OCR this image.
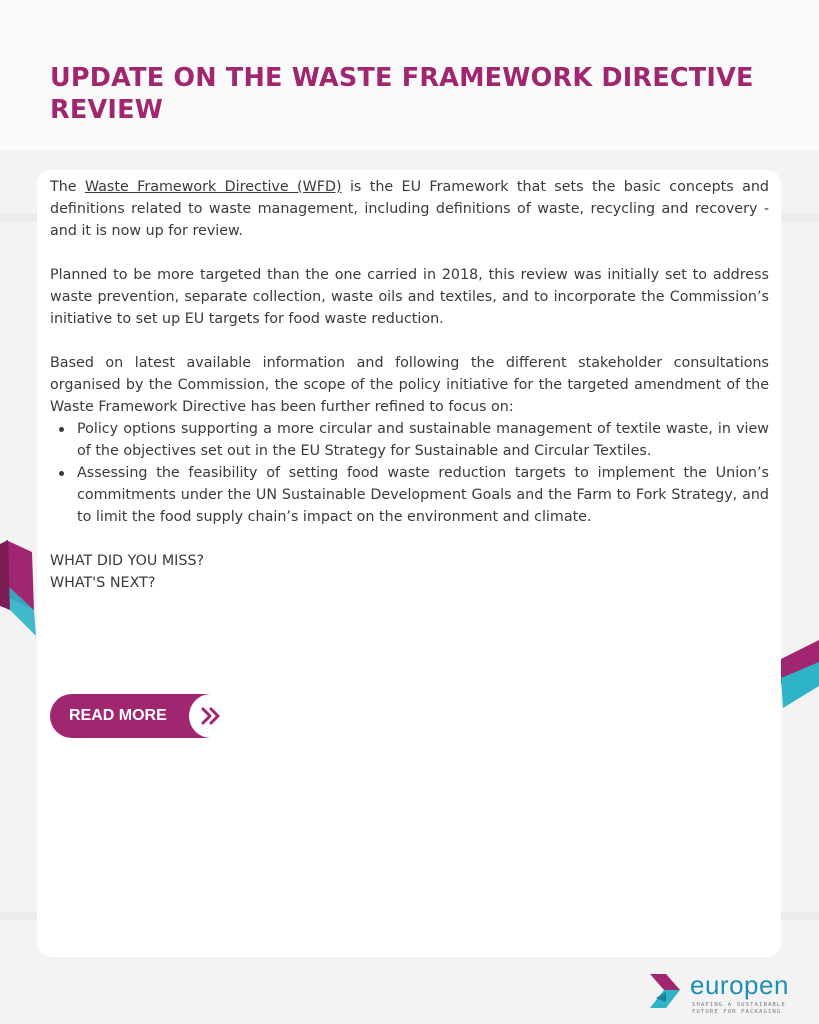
UPDATE ON THE WASTE FRAMEWORK DIRECTIVE REVIEW

The Waste Framework Directive (WFD) is the EU Framework that sets the basic concepts and definitions related to waste management, including definitions of waste, recycling and recovery - and it is now up for review.

Planned to be more targeted than the one carried in 2018, this review was initially set to address waste prevention, separate collection, waste oils and textiles, and to incorporate the Commission’s initiative to set up EU targets for food waste reduction.

Based on latest available information and following the different stakeholder consultations organised by the Commission, the scope of the policy initiative for the targeted amendment of the Waste Framework Directive has been further refined to focus on:

Policy options supporting a more circular and sustainable management of textile waste, in view of the objectives set out in the EU Strategy for Sustainable and Circular Textiles.
Assessing the feasibility of setting food waste reduction targets to implement the Union’s commitments under the UN Sustainable Development Goals and the Farm to Fork Strategy, and to limit the food supply chain’s impact on the environment and climate.

WHAT DID YOU MISS?

WHAT'S NEXT?

READ MORE
europen
SHAPING A SUSTAINABLE FUTURE FOR PACKAGING
